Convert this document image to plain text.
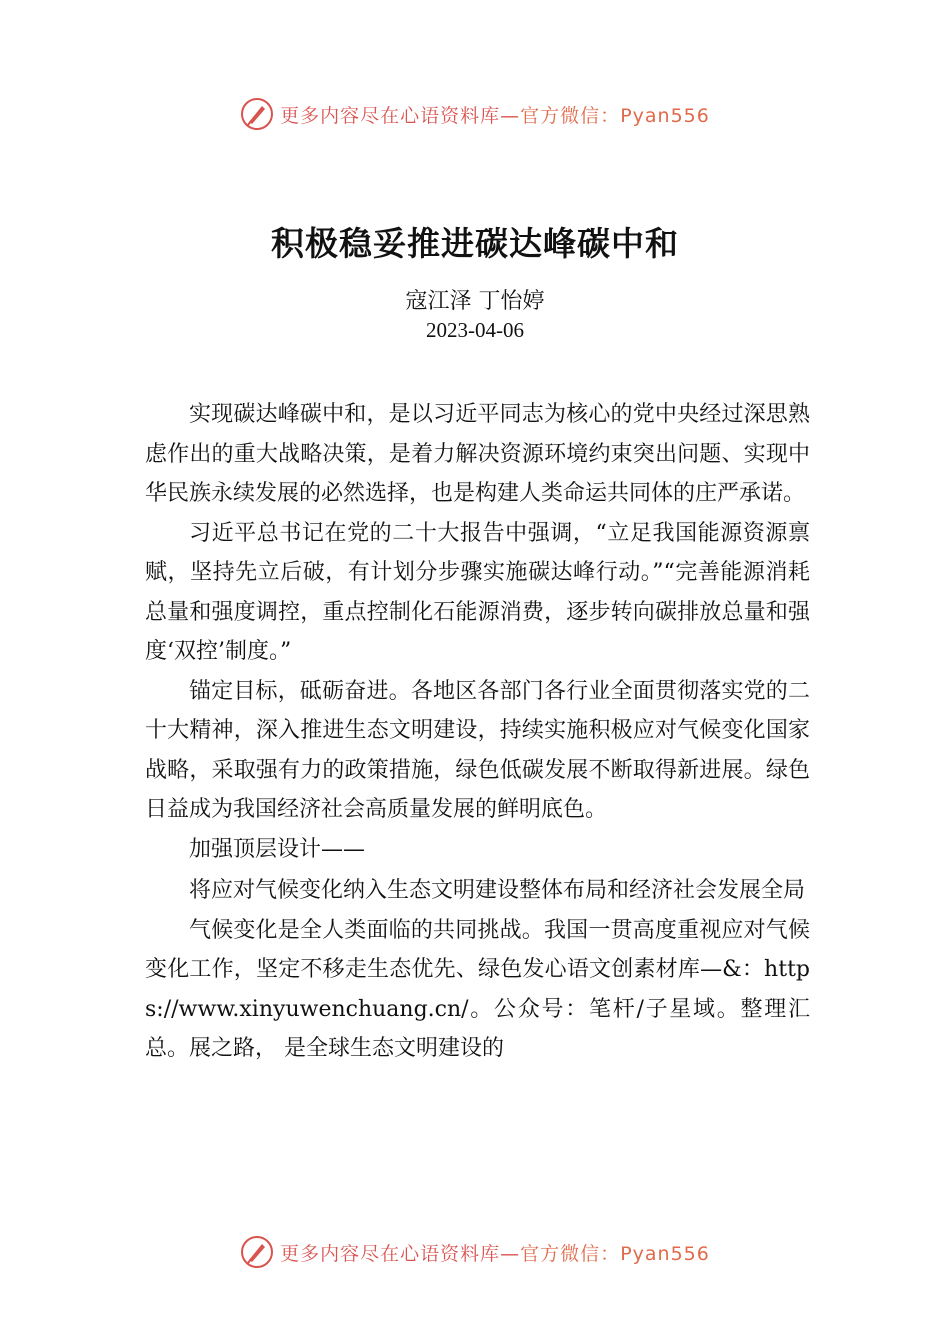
更多内容尽在心语资料库—官方微信：Pyan556
积极稳妥推进碳达峰碳中和
寇江泽 丁怡婷
2023-04-06

实现碳达峰碳中和，是以习近平同志为核心的党中央经过深思熟虑作出的重大战略决策，是着力解决资源环境约束突出问题、实现中华民族永续发展的必然选择，也是构建人类命运共同体的庄严承诺。

习近平总书记在党的二十大报告中强调，“立足我国能源资源禀赋，坚持先立后破，有计划分步骤实施碳达峰行动。”“完善能源消耗总量和强度调控，重点控制化石能源消费，逐步转向碳排放总量和强度‘双控’制度。”

锚定目标，砥砺奋进。各地区各部门各行业全面贯彻落实党的二十大精神，深入推进生态文明建设，持续实施积极应对气候变化国家战略，采取强有力的政策措施，绿色低碳发展不断取得新进展。绿色日益成为我国经济社会高质量发展的鲜明底色。

加强顶层设计——

将应对气候变化纳入生态文明建设整体布局和经济社会发展全局

气候变化是全人类面临的共同挑战。我国一贯高度重视应对气候变化工作，坚定不移走生态优先、绿色发心语文创素材库—&：https://www.xinyuwenchuang.cn/。公众号：笔杆/子星域。整理汇总。展之路， 是全球生态文明建设的

更多内容尽在心语资料库—官方微信：Pyan556
